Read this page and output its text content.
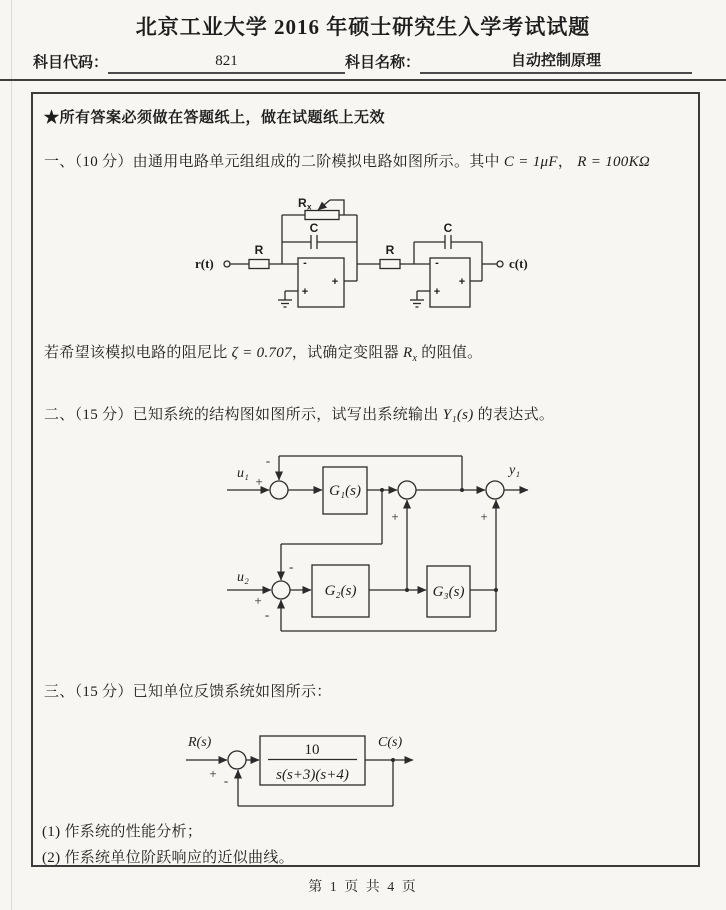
北京工业大学 2016 年硕士研究生入学考试试题
科目代码：	821	科目名称：	自动控制原理
★所有答案必须做在答题纸上，做在试题纸上无效
一、（10 分）由通用电路单元组组成的二阶模拟电路如图所示。其中 C = 1μF， R = 100KΩ
r(t)
R
R x
C
R
C
c(t)
-
+
+
-
+
+
若希望该模拟电路的阻尼比 ζ = 0.707，试确定变阻器 $R_x$ 的阻值。
二、（15 分）已知系统的结构图如图所示，试写出系统输出 Y₁(s) 的表达式。
u₁
+
-
G₁(s)
y₁
+	+
-
u₂
+
-
G₂(s)	G₃(s)
三、（15 分）已知单位反馈系统如图所示：
R(s)	C(s)
+ -
10
s(s+3)(s+4)
(1) 作系统的性能分析；
(2) 作系统单位阶跃响应的近似曲线。
第 1 页 共 4 页
